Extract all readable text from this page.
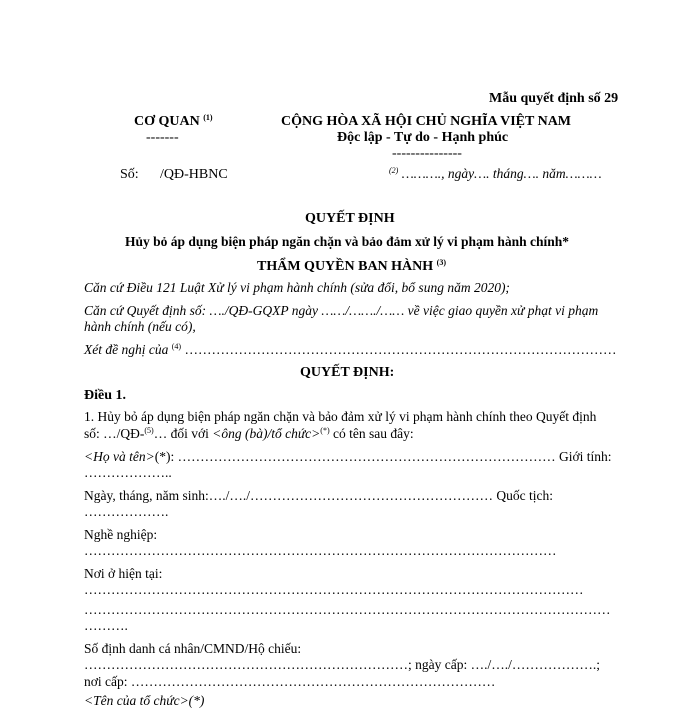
Mẫu quyết định số 29
CƠ QUAN $^{(1)}$
-------
CỘNG HÒA XÃ HỘI CHỦ NGHĨA VIỆT NAM
Độc lập - Tự do - Hạnh phúc
---------------
Số: /QĐ-HBNC	$^{(2)}$ ………., ngày…. tháng…. năm………
QUYẾT ĐỊNH
Hủy bỏ áp dụng biện pháp ngăn chặn và bảo đảm xử lý vi phạm hành chính*
THẨM QUYỀN BAN HÀNH $^{(3)}$
Căn cứ Điều 121 Luật Xử lý vi phạm hành chính (sửa đổi, bổ sung năm 2020);
Căn cứ Quyết định số: …./QĐ-GQXP ngày ……/……./…… về việc giao quyền xử phạt vi phạm
hành chính (nếu có),
Xét đề nghị của $^{(4)}$ ……………………………………………………………………………………
QUYẾT ĐỊNH:
Điều 1.
1. Hủy bỏ áp dụng biện pháp ngăn chặn và bảo đảm xử lý vi phạm hành chính theo Quyết định
số: …/QĐ-$^{(5)}$… đối với <ông (bà)/tổ chức>(*) có tên sau đây:
<Họ và tên>(*): ………………………………………………………………………… Giới tính:
………………..
Ngày, tháng, năm sinh:…./…./……………………………………………… Quốc tịch:
……………….
Nghề nghiệp:
……………………………………………………………………………………………
Nơi ở hiện tại:
…………………………………………………………………………………………………
………………………………………………………………………………………………………
……….
Số định danh cá nhân/CMND/Hộ chiếu:
………………………………………………………………; ngày cấp: …./…./……………….;
nơi cấp: ………………………………………………………………………
<Tên của tổ chức>(*)
